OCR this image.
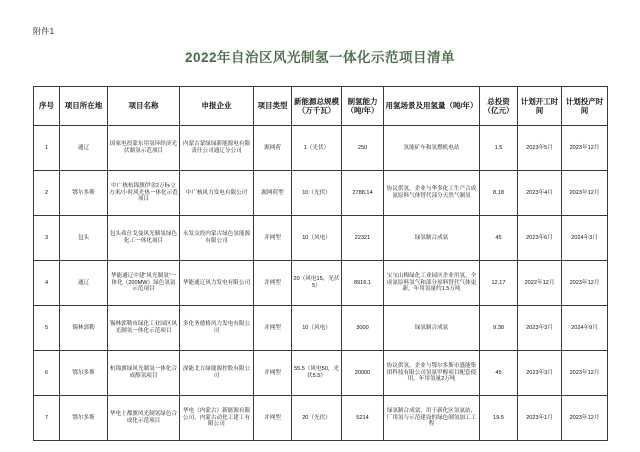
附件1
2022年自治区风光制氢一体化示范项目清单
序号	项目所在地	项目名称	申报企业	项目类型	新能源总规模（万千瓦）	制氢能力（吨/年）	用氢场景及用氢量（吨/年）	总投资（亿元）	计划开工时间	计划投产时间
1	通辽	国家电投蒙东用氢环经济光伏制氢示范项目	内蒙古蒙绿绿新能源电有限责任公司通辽分公司	源网荷	1（光伏）	250	氢能矿车和氢燃机电站	1.5	2023年5月	2023年12月
2	鄂尔多斯	中广核杭锦旗伊金2万标立方米/小时风光热一体化示范项目	中广核风力发电有限公司	源网荷型	10（光伏）	2788.14	协议供氢，企业与华多化工生产合成氨原料气体替代部分天然气制氢	8.18	2023年4月	2023年12月
3	包头	包头希仕戈曼风光制氢绿色化工一体化项目	永发交投内蒙古绿色氢能源有限公司	并网型	10（风电）	22321	绿氢制合成氨	45	2023年6月	2024年3月
4	通辽	华能通辽中建“风光制氢”一体化（200MW）绿色氢氨示范项目	华能通辽风力发电有限公司	并网型	20（风电15，光伏5）	8916.1	宝宝山梅绿化工业园区企业用氢，全成氨原料氢气和部分原料替代气体更新，年用氢量约1.5万吨	12.17	2022年12月	2023年12月
5	锡林郭勒	锡林郭勒市绿化工业园区风光制氢一体化示范项目	多化务德格风力发电有限公司	并网型	10（风电）	3000	绿氢制合成氨	9.38	2023年3月	2024年9月
6	鄂尔多斯	杭锦旗绿风光制氢一体化合成醇氢项目	深能北方绿能源控股有限公司	并网型	55.5（风电50，光伏5.5）	20000	协议供氢，企业与鄂尔多斯市盛能集团科技有限公司氢氨甲醇项目配套使用，年用氢量2万吨	45	2023年3月	2023年12月
7	鄂尔多斯	华电上都旗风光制氢绿色合成化示范项目	华电（内蒙古）新能源有限公司、内蒙古动化工建工有限公司	并网型	20（光伏）	5214	绿氢制合成氨，用于新化区氢氨站，厂用氢与示范建设的绿色制氢加工工程	19.5	2023年1月	2023年12月
